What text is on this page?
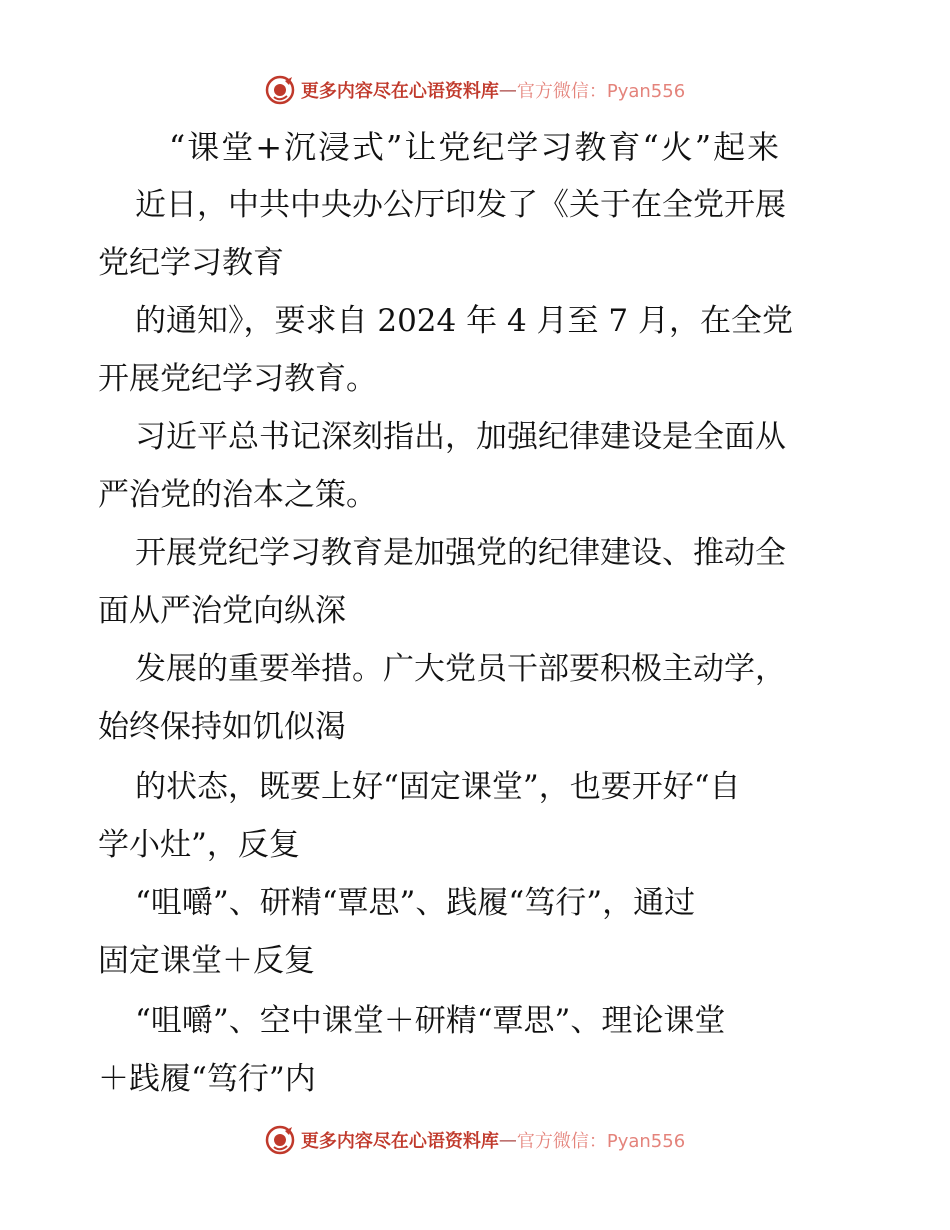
更多内容尽在心语资料库 — 官方微信：Pyan556
“课堂+沉浸式”让党纪学习教育“火”起来
近日，中共中央办公厅印发了《关于在全党开展
党纪学习教育
的通知》，要求自 2024 年 4 月至 7 月，在全党
开展党纪学习教育。
习近平总书记深刻指出，加强纪律建设是全面从
严治党的治本之策。
开展党纪学习教育是加强党的纪律建设、推动全
面从严治党向纵深
发展的重要举措。广大党员干部要积极主动学，
始终保持如饥似渴
的状态，既要上好“固定课堂”，也要开好“自
学小灶”，反复
“咀嚼”、研精“覃思”、践履“笃行”，通过
固定课堂＋反复
“咀嚼”、空中课堂＋研精“覃思”、理论课堂
＋践履“笃行”内
更多内容尽在心语资料库 — 官方微信：Pyan556
